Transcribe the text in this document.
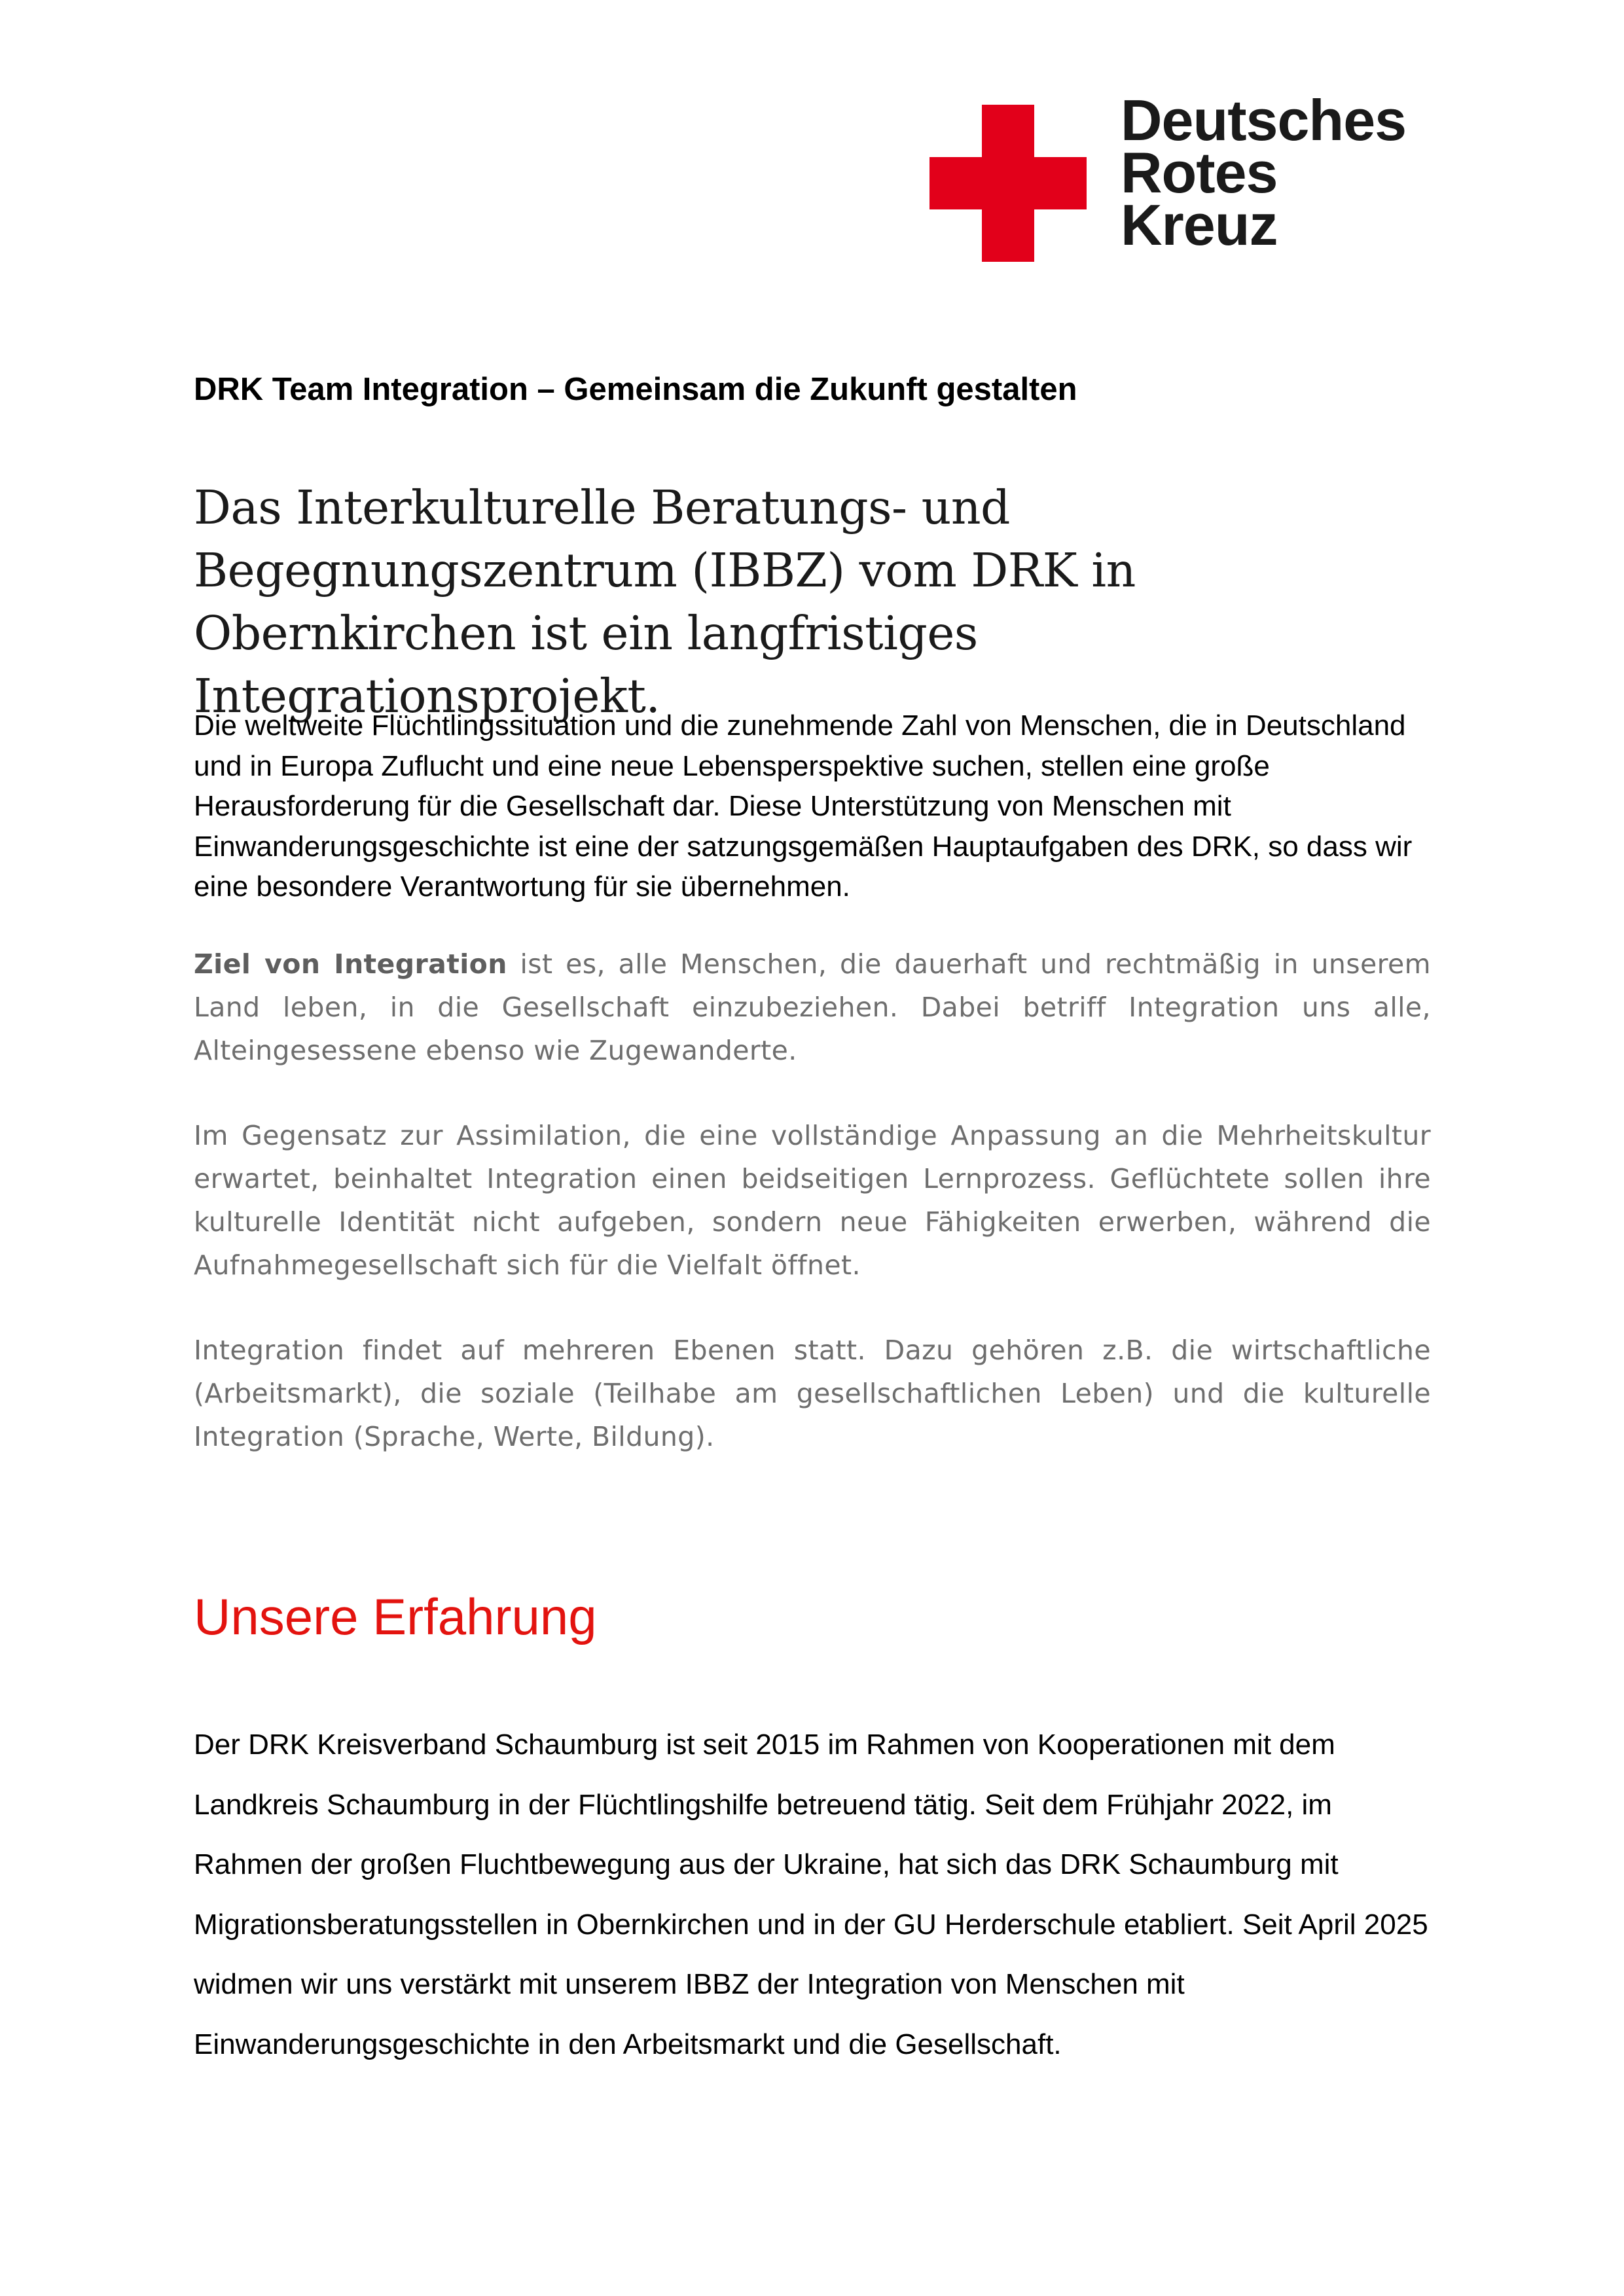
Deutsches
Rotes
Kreuz
DRK Team Integration – Gemeinsam die Zukunft gestalten
Das Interkulturelle Beratungs- und Begegnungszentrum (IBBZ) vom DRK in Obernkirchen ist ein langfristiges Integrationsprojekt.
Die weltweite Flüchtlingssituation und die zunehmende Zahl von Menschen, die in Deutschland und in Europa Zuflucht und eine neue Lebensperspektive suchen, stellen eine große Herausforderung für die Gesellschaft dar. Diese Unterstützung von Menschen mit Einwanderungsgeschichte ist eine der satzungsgemäßen Hauptaufgaben des DRK, so dass wir eine besondere Verantwortung für sie übernehmen.
Ziel von Integration ist es, alle Menschen, die dauerhaft und rechtmäßig in unserem Land leben, in die Gesellschaft einzubeziehen. Dabei betriff Integration uns alle, Alteingesessene ebenso wie Zugewanderte.
Im Gegensatz zur Assimilation, die eine vollständige Anpassung an die Mehrheitskultur erwartet, beinhaltet Integration einen beidseitigen Lernprozess. Geflüchtete sollen ihre kulturelle Identität nicht aufgeben, sondern neue Fähigkeiten erwerben, während die Aufnahmegesellschaft sich für die Vielfalt öffnet.
Integration findet auf mehreren Ebenen statt. Dazu gehören z.B. die wirtschaftliche (Arbeitsmarkt), die soziale (Teilhabe am gesellschaftlichen Leben) und die kulturelle Integration (Sprache, Werte, Bildung).
Unsere Erfahrung
Der DRK Kreisverband Schaumburg ist seit 2015 im Rahmen von Kooperationen mit dem Landkreis Schaumburg in der Flüchtlingshilfe betreuend tätig. Seit dem Frühjahr 2022, im Rahmen der großen Fluchtbewegung aus der Ukraine, hat sich das DRK Schaumburg mit Migrationsberatungsstellen in Obernkirchen und in der GU Herderschule etabliert. Seit April 2025 widmen wir uns verstärkt mit unserem IBBZ der Integration von Menschen mit Einwanderungsgeschichte in den Arbeitsmarkt und die Gesellschaft.
